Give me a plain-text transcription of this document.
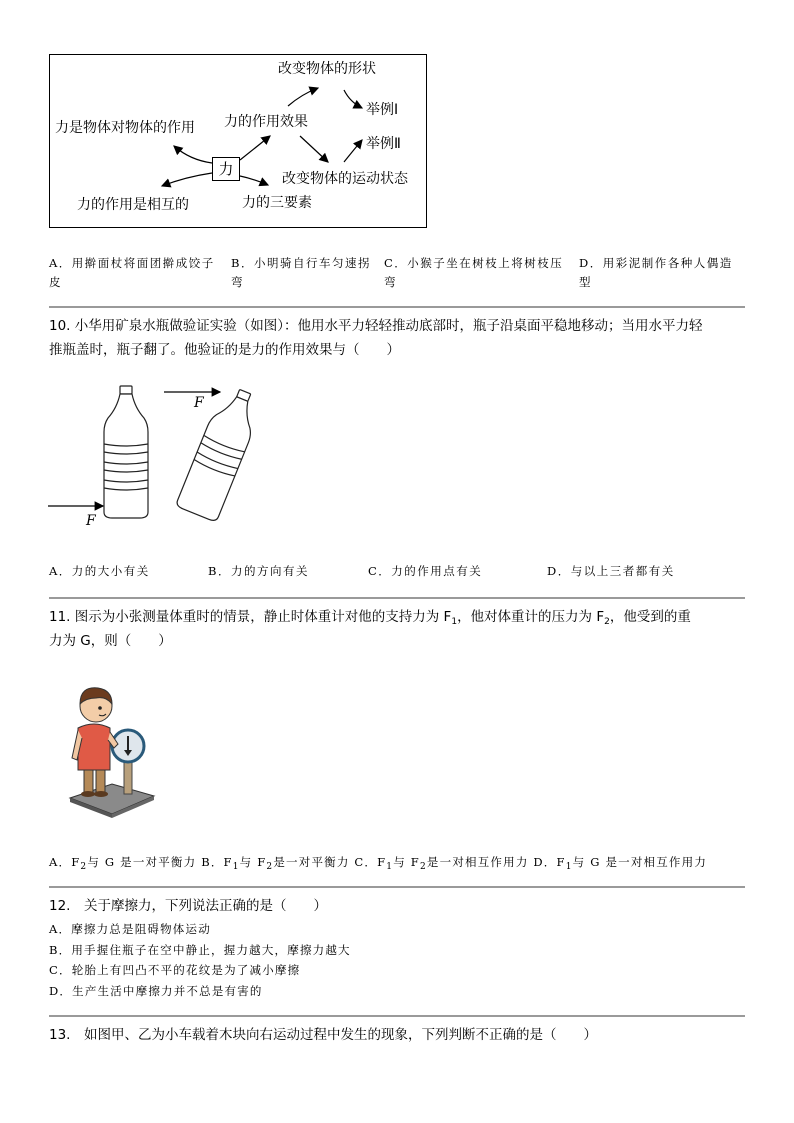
改变物体的形状
举例Ⅰ
力是物体对物体的作用 力的作用效果
举例Ⅱ
力
改变物体的运动状态
力的作用是相互的	力的三要素
A．用擀面杖将面团擀成饺子皮
B．小明骑自行车匀速拐弯
C．小猴子坐在树枝上将树枝压弯
D．用彩泥制作各种人偶造型
10. 小华用矿泉水瓶做验证实验（如图）：他用水平力轻轻推动底部时，瓶子沿桌面平稳地移动；当用水平力轻
推瓶盖时，瓶子翻了。他验证的是力的作用效果与（　　）
F
F
A．力的大小有关	B．力的方向有关	C．力的作用点有关	D．与以上三者都有关
11. 图示为小张测量体重时的情景，静止时体重计对他的支持力为 $F_1$，他对体重计的压力为 $F_2$，他受到的重
力为 G，则（　　）
A．$F_2$与 G 是一对平衡力 B．$F_1$与 $F_2$是一对平衡力 C．$F_1$与 $F_2$是一对相互作用力 D．$F_1$与 G 是一对相互作用力
12.　关于摩擦力，下列说法正确的是（　　）
A．摩擦力总是阻碍物体运动
B．用手握住瓶子在空中静止，握力越大，摩擦力越大
C．轮胎上有凹凸不平的花纹是为了减小摩擦
D．生产生活中摩擦力并不总是有害的
13.　如图甲、乙为小车载着木块向右运动过程中发生的现象，下列判断不正确的是（　　）
